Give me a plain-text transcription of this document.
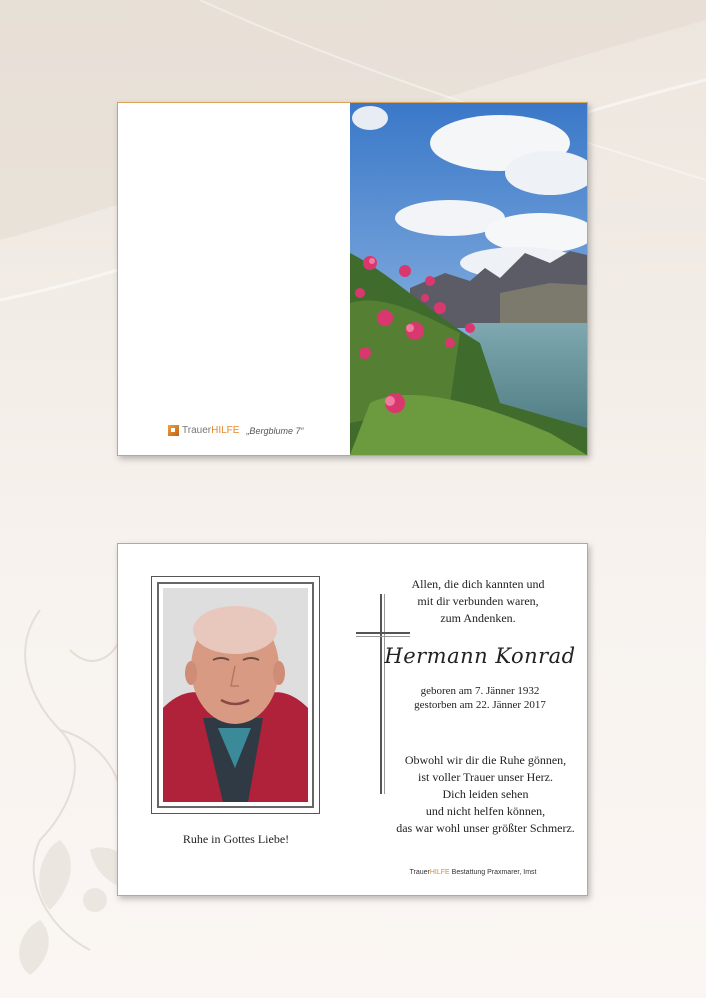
Trauer HILFE „Bergblume 7“
Ruhe in Gottes Liebe!
Allen, die dich kannten und
mit dir verbunden waren,
zum Andenken.
Hermann Konrad
geboren am 7. Jänner 1932
gestorben am 22. Jänner 2017
Obwohl wir dir die Ruhe gönnen,
ist voller Trauer unser Herz.
Dich leiden sehen
und nicht helfen können,
das war wohl unser größter Schmerz.
TrauerHILFE Bestattung Praxmarer, Imst
